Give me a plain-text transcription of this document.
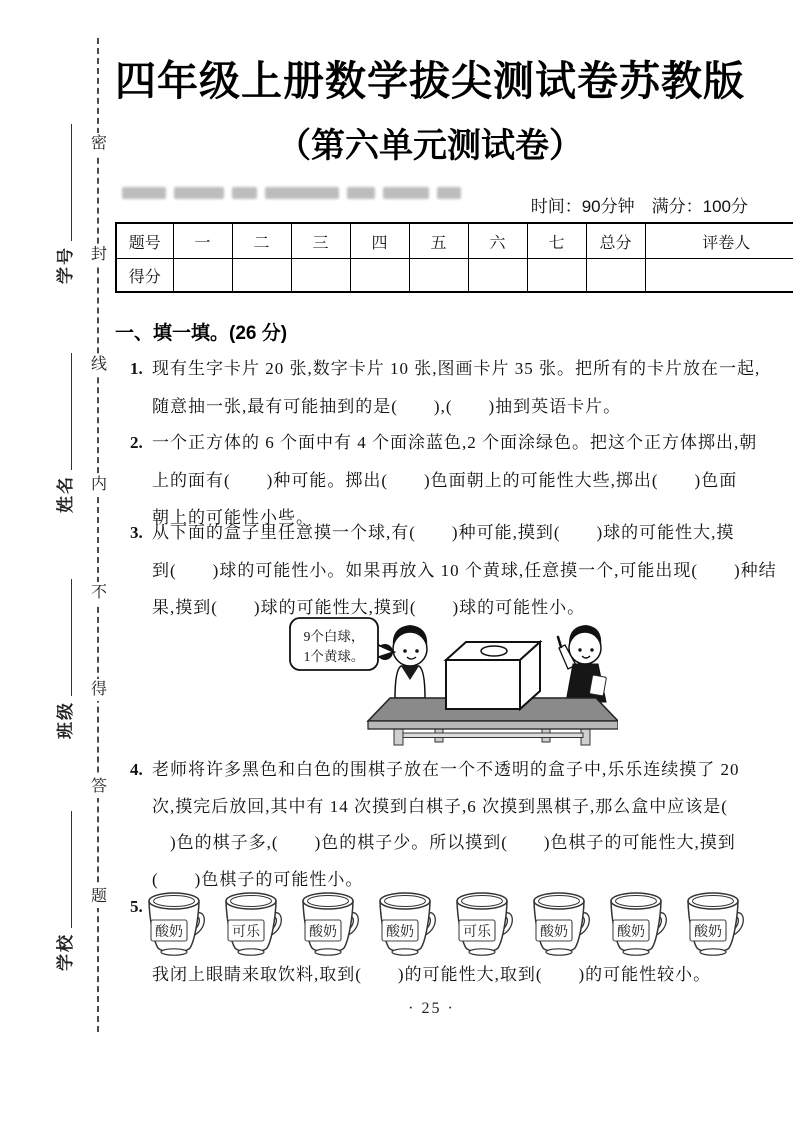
密
封
线
内
不
得
答
题
学号
姓名
班级
学校
四年级上册数学拔尖测试卷苏教版
（第六单元测试卷）
时间：90分钟　满分：100分
题号	一	二	三	四	五	六	七	总分	评卷人
得分									
一、填一填。(26 分)
1. 现有生字卡片 20 张,数字卡片 10 张,图画卡片 35 张。把所有的卡片放在一起,
随意抽一张,最有可能抽到的是(　　),(　　)抽到英语卡片。
2. 一个正方体的 6 个面中有 4 个面涂蓝色,2 个面涂绿色。把这个正方体掷出,朝
上的面有(　　)种可能。掷出(　　)色面朝上的可能性大些,掷出(　　)色面
朝上的可能性小些。
3. 从下面的盒子里任意摸一个球,有(　　)种可能,摸到(　　)球的可能性大,摸
到(　　)球的可能性小。如果再放入 10 个黄球,任意摸一个,可能出现(　　)种结
果,摸到(　　)球的可能性大,摸到(　　)球的可能性小。
9个白球，
1个黄球。
4. 老师将许多黑色和白色的围棋子放在一个不透明的盒子中,乐乐连续摸了 20
次,摸完后放回,其中有 14 次摸到白棋子,6 次摸到黑棋子,那么盒中应该是(
　)色的棋子多,(　　)色的棋子少。所以摸到(　　)色棋子的可能性大,摸到
(　　)色棋子的可能性小。
5.
酸奶	可乐	酸奶	酸奶	可乐	酸奶	酸奶	酸奶
我闭上眼睛来取饮料,取到(　　)的可能性大,取到(　　)的可能性较小。
· 25 ·
